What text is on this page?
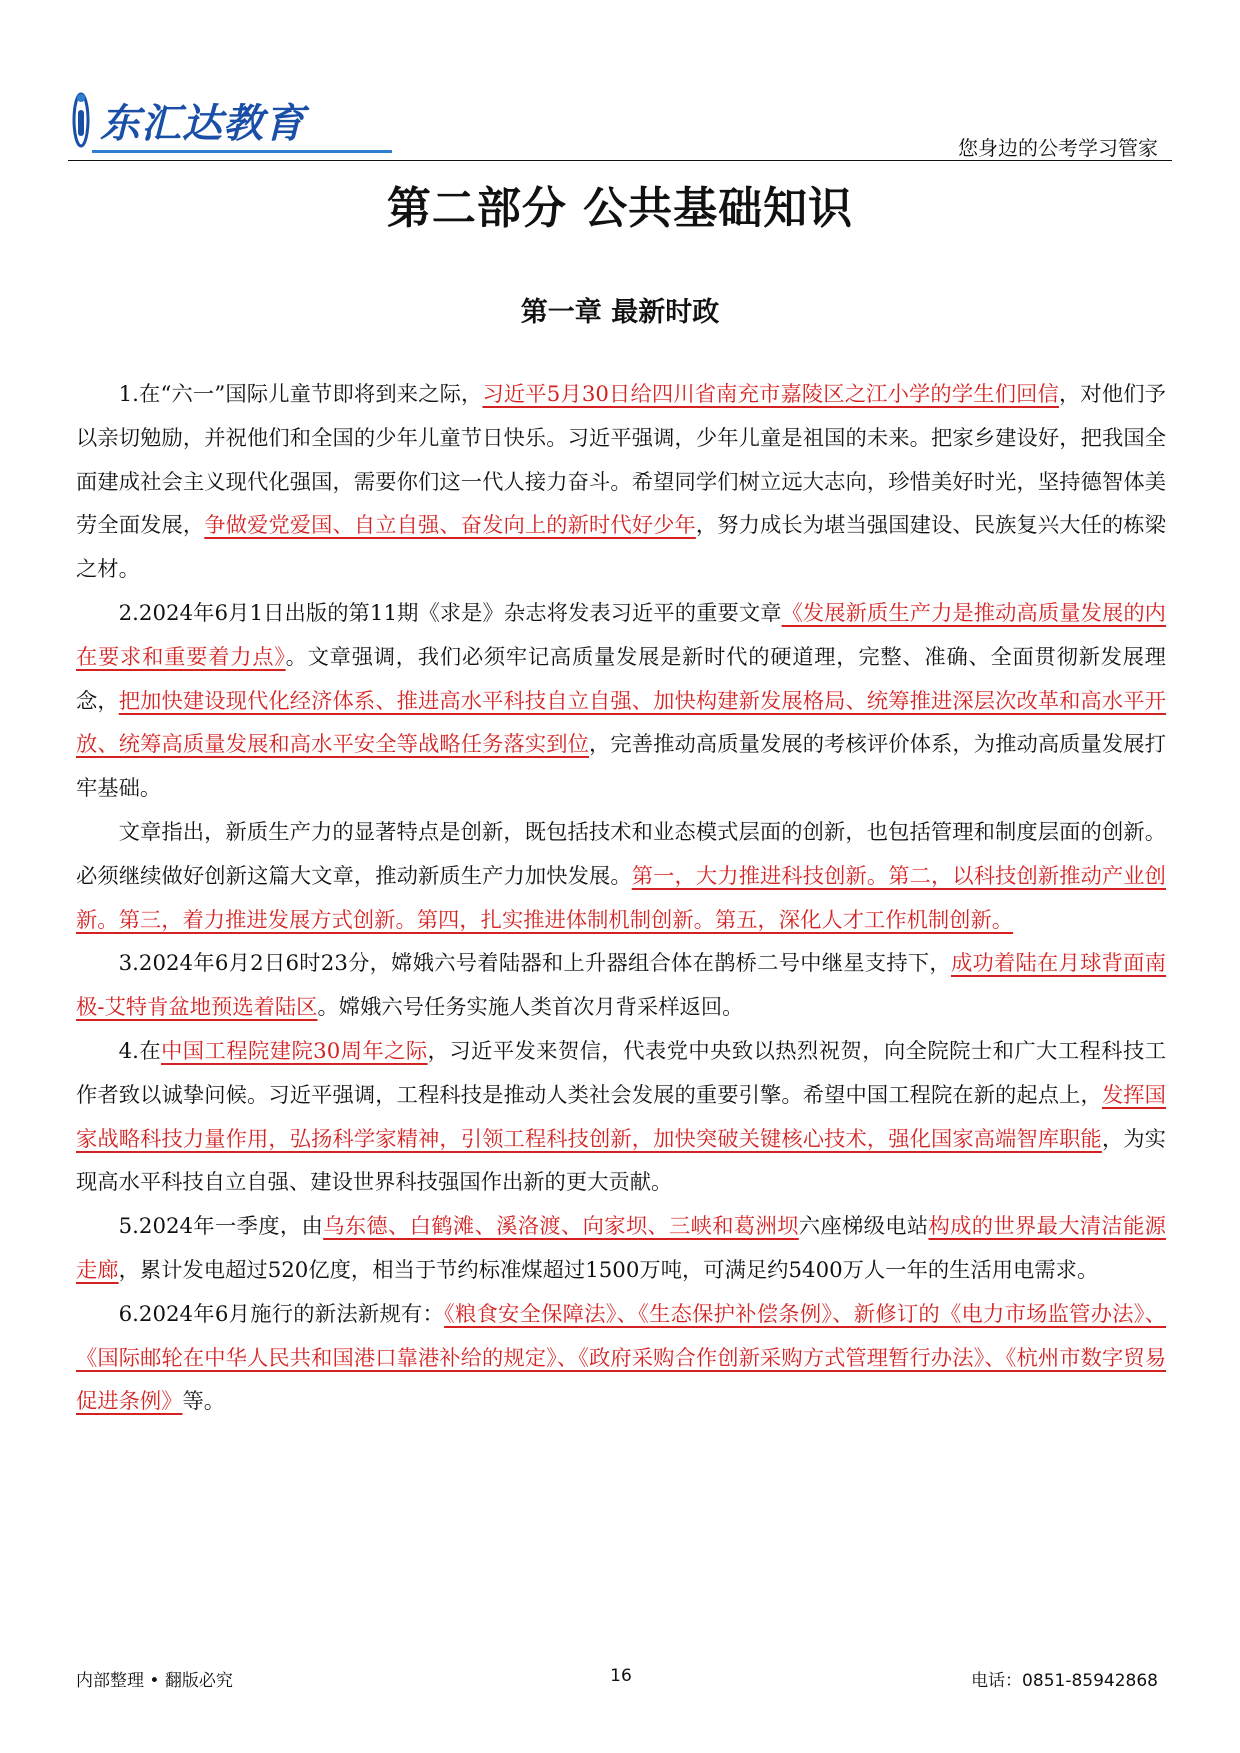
东汇达教育
您身边的公考学习管家
第二部分 公共基础知识
第一章 最新时政

1.在“六一”国际儿童节即将到来之际，习近平5月30日给四川省南充市嘉陵区之江小学的学生们回信，对他们予以亲切勉励，并祝他们和全国的少年儿童节日快乐。习近平强调，少年儿童是祖国的未来。把家乡建设好，把我国全面建成社会主义现代化强国，需要你们这一代人接力奋斗。希望同学们树立远大志向，珍惜美好时光，坚持德智体美劳全面发展，争做爱党爱国、自立自强、奋发向上的新时代好少年，努力成长为堪当强国建设、民族复兴大任的栋梁之材。

2.2024年6月1日出版的第11期《求是》杂志将发表习近平的重要文章《发展新质生产力是推动高质量发展的内在要求和重要着力点》。文章强调，我们必须牢记高质量发展是新时代的硬道理，完整、准确、全面贯彻新发展理念，把加快建设现代化经济体系、推进高水平科技自立自强、加快构建新发展格局、统筹推进深层次改革和高水平开放、统筹高质量发展和高水平安全等战略任务落实到位，完善推动高质量发展的考核评价体系，为推动高质量发展打牢基础。

文章指出，新质生产力的显著特点是创新，既包括技术和业态模式层面的创新，也包括管理和制度层面的创新。必须继续做好创新这篇大文章，推动新质生产力加快发展。第一，大力推进科技创新。第二，以科技创新推动产业创新。第三，着力推进发展方式创新。第四，扎实推进体制机制创新。第五，深化人才工作机制创新。

3.2024年6月2日6时23分，嫦娥六号着陆器和上升器组合体在鹊桥二号中继星支持下，成功着陆在月球背面南极-艾特肯盆地预选着陆区。嫦娥六号任务实施人类首次月背采样返回。

4.在中国工程院建院30周年之际，习近平发来贺信，代表党中央致以热烈祝贺，向全院院士和广大工程科技工作者致以诚挚问候。习近平强调，工程科技是推动人类社会发展的重要引擎。希望中国工程院在新的起点上，发挥国家战略科技力量作用，弘扬科学家精神，引领工程科技创新，加快突破关键核心技术，强化国家高端智库职能，为实现高水平科技自立自强、建设世界科技强国作出新的更大贡献。

5.2024年一季度，由乌东德、白鹤滩、溪洛渡、向家坝、三峡和葛洲坝六座梯级电站构成的世界最大清洁能源走廊，累计发电超过520亿度，相当于节约标准煤超过1500万吨，可满足约5400万人一年的生活用电需求。

6.2024年6月施行的新法新规有：《粮食安全保障法》、《生态保护补偿条例》、新修订的《电力市场监管办法》、《国际邮轮在中华人民共和国港口靠港补给的规定》、《政府采购合作创新采购方式管理暂行办法》、《杭州市数字贸易促进条例》等。

内部整理 • 翻版必究	16	电话：0851-85942868
